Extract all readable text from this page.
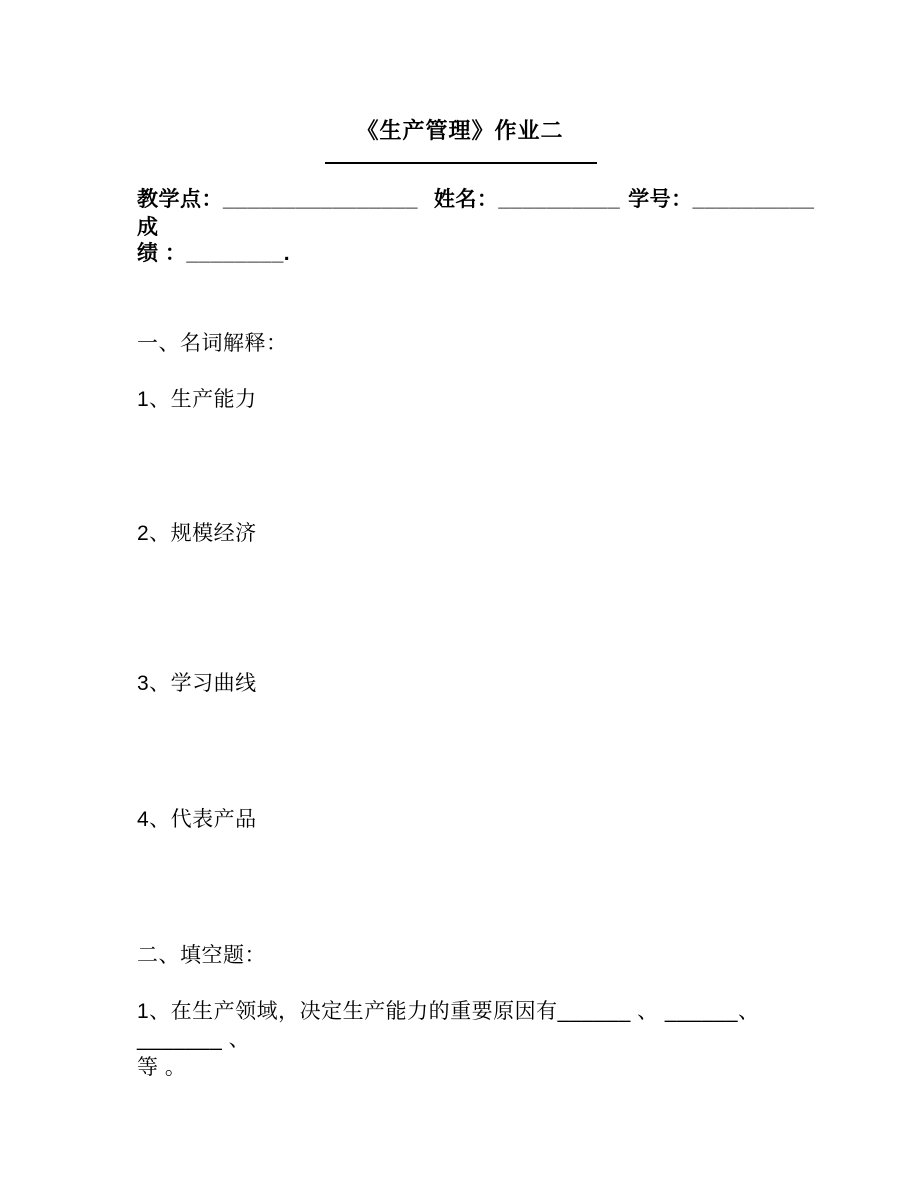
《生产管理》作业二

教学点：________________ 姓名：__________ 学号：__________成

绩 ：________.

一、名词解释：

1、生产能力

2、规模经济

3、学习曲线

4、代表产品

二、填空题：

1、在生产领域，决定生产能力的重要原因有______ 、 ______、 _______ 、

等 。
